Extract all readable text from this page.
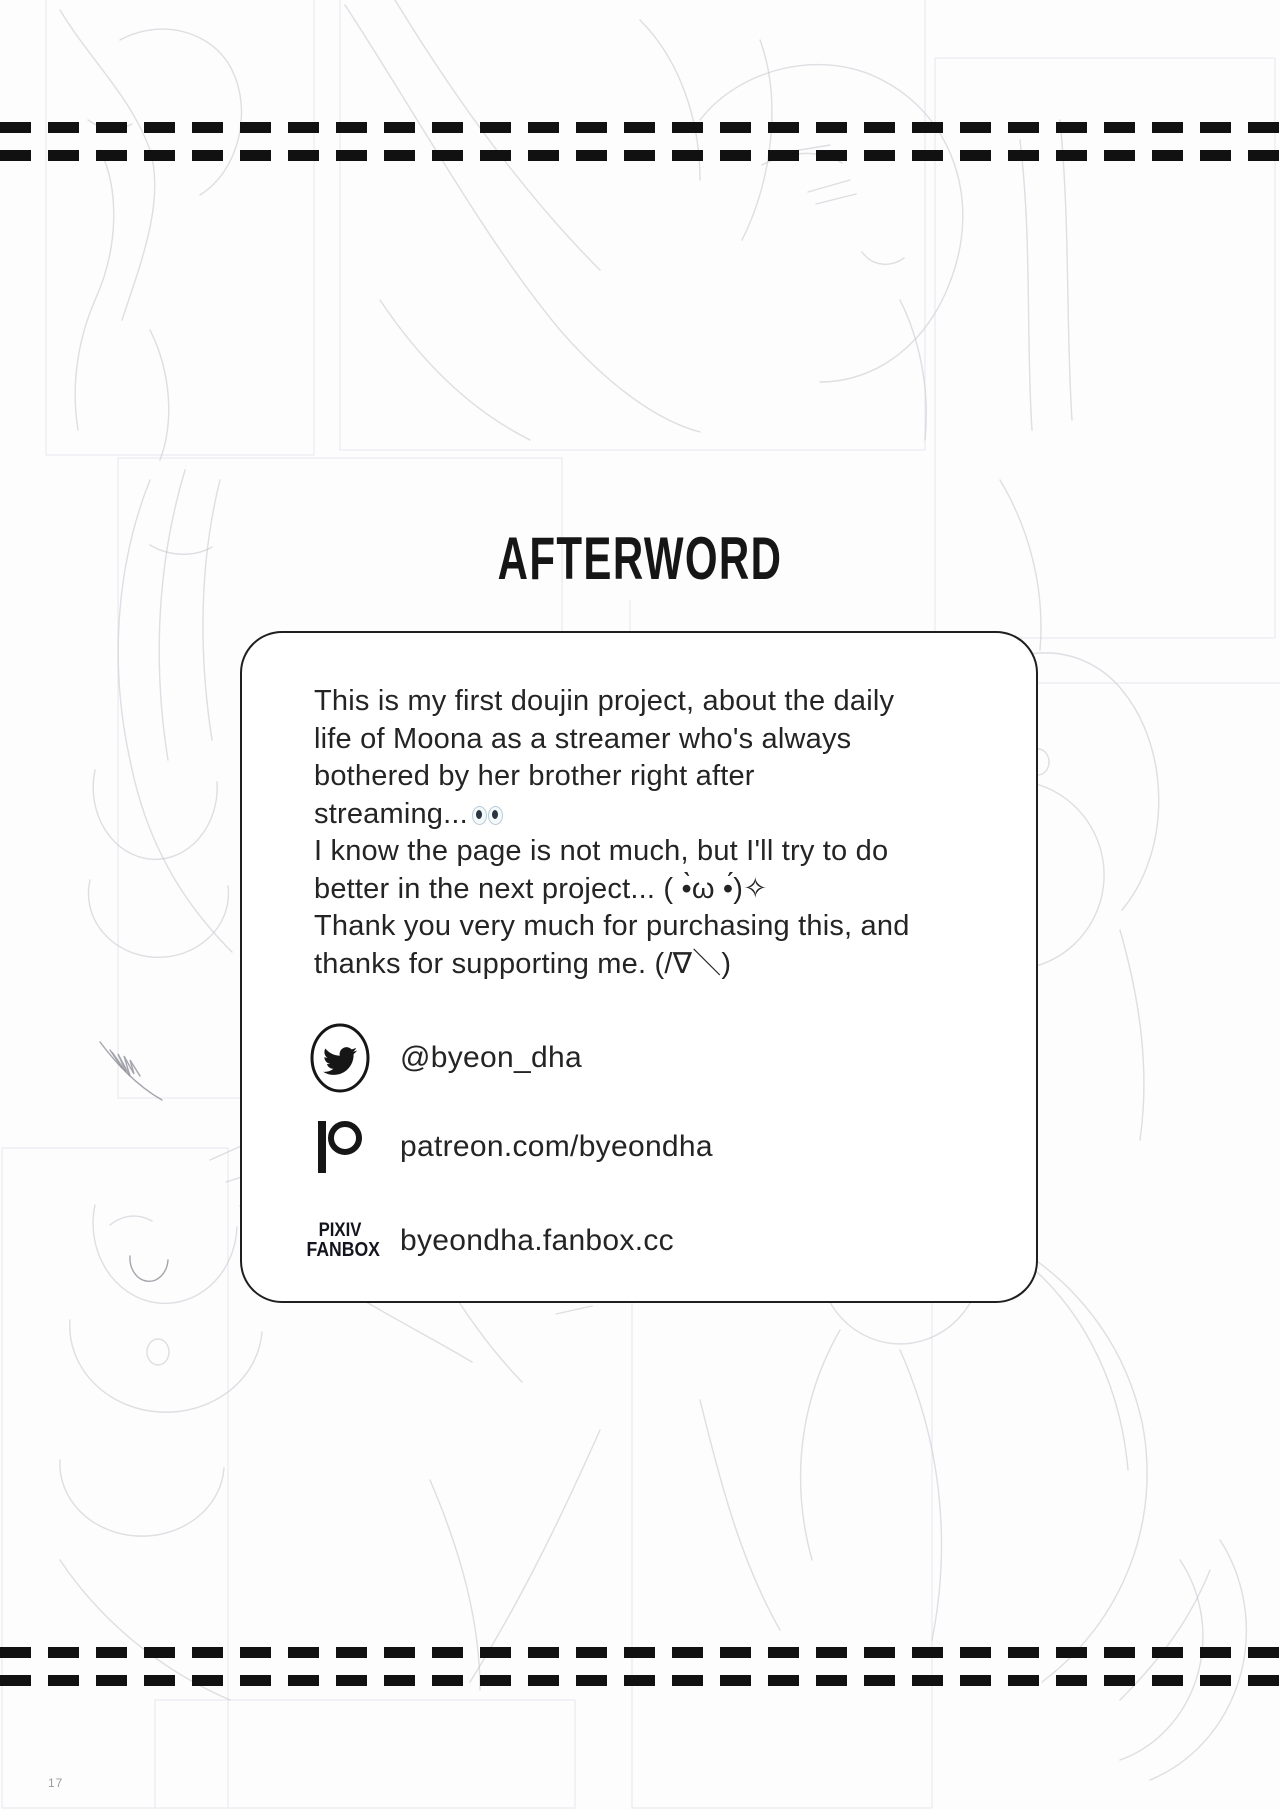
AFTERWORD
This is my first doujin project, about the daily
life of Moona as a streamer who's always
bothered by her brother right after
streaming...
I know the page is not much, but I'll try to do
better in the next project... ( •̀ω •́)✧
Thank you very much for purchasing this, and
thanks for supporting me. (/∇＼)
@byeon_dha
patreon.com/byeondha
PIXIV
FANBOX byeondha.fanbox.cc
17
